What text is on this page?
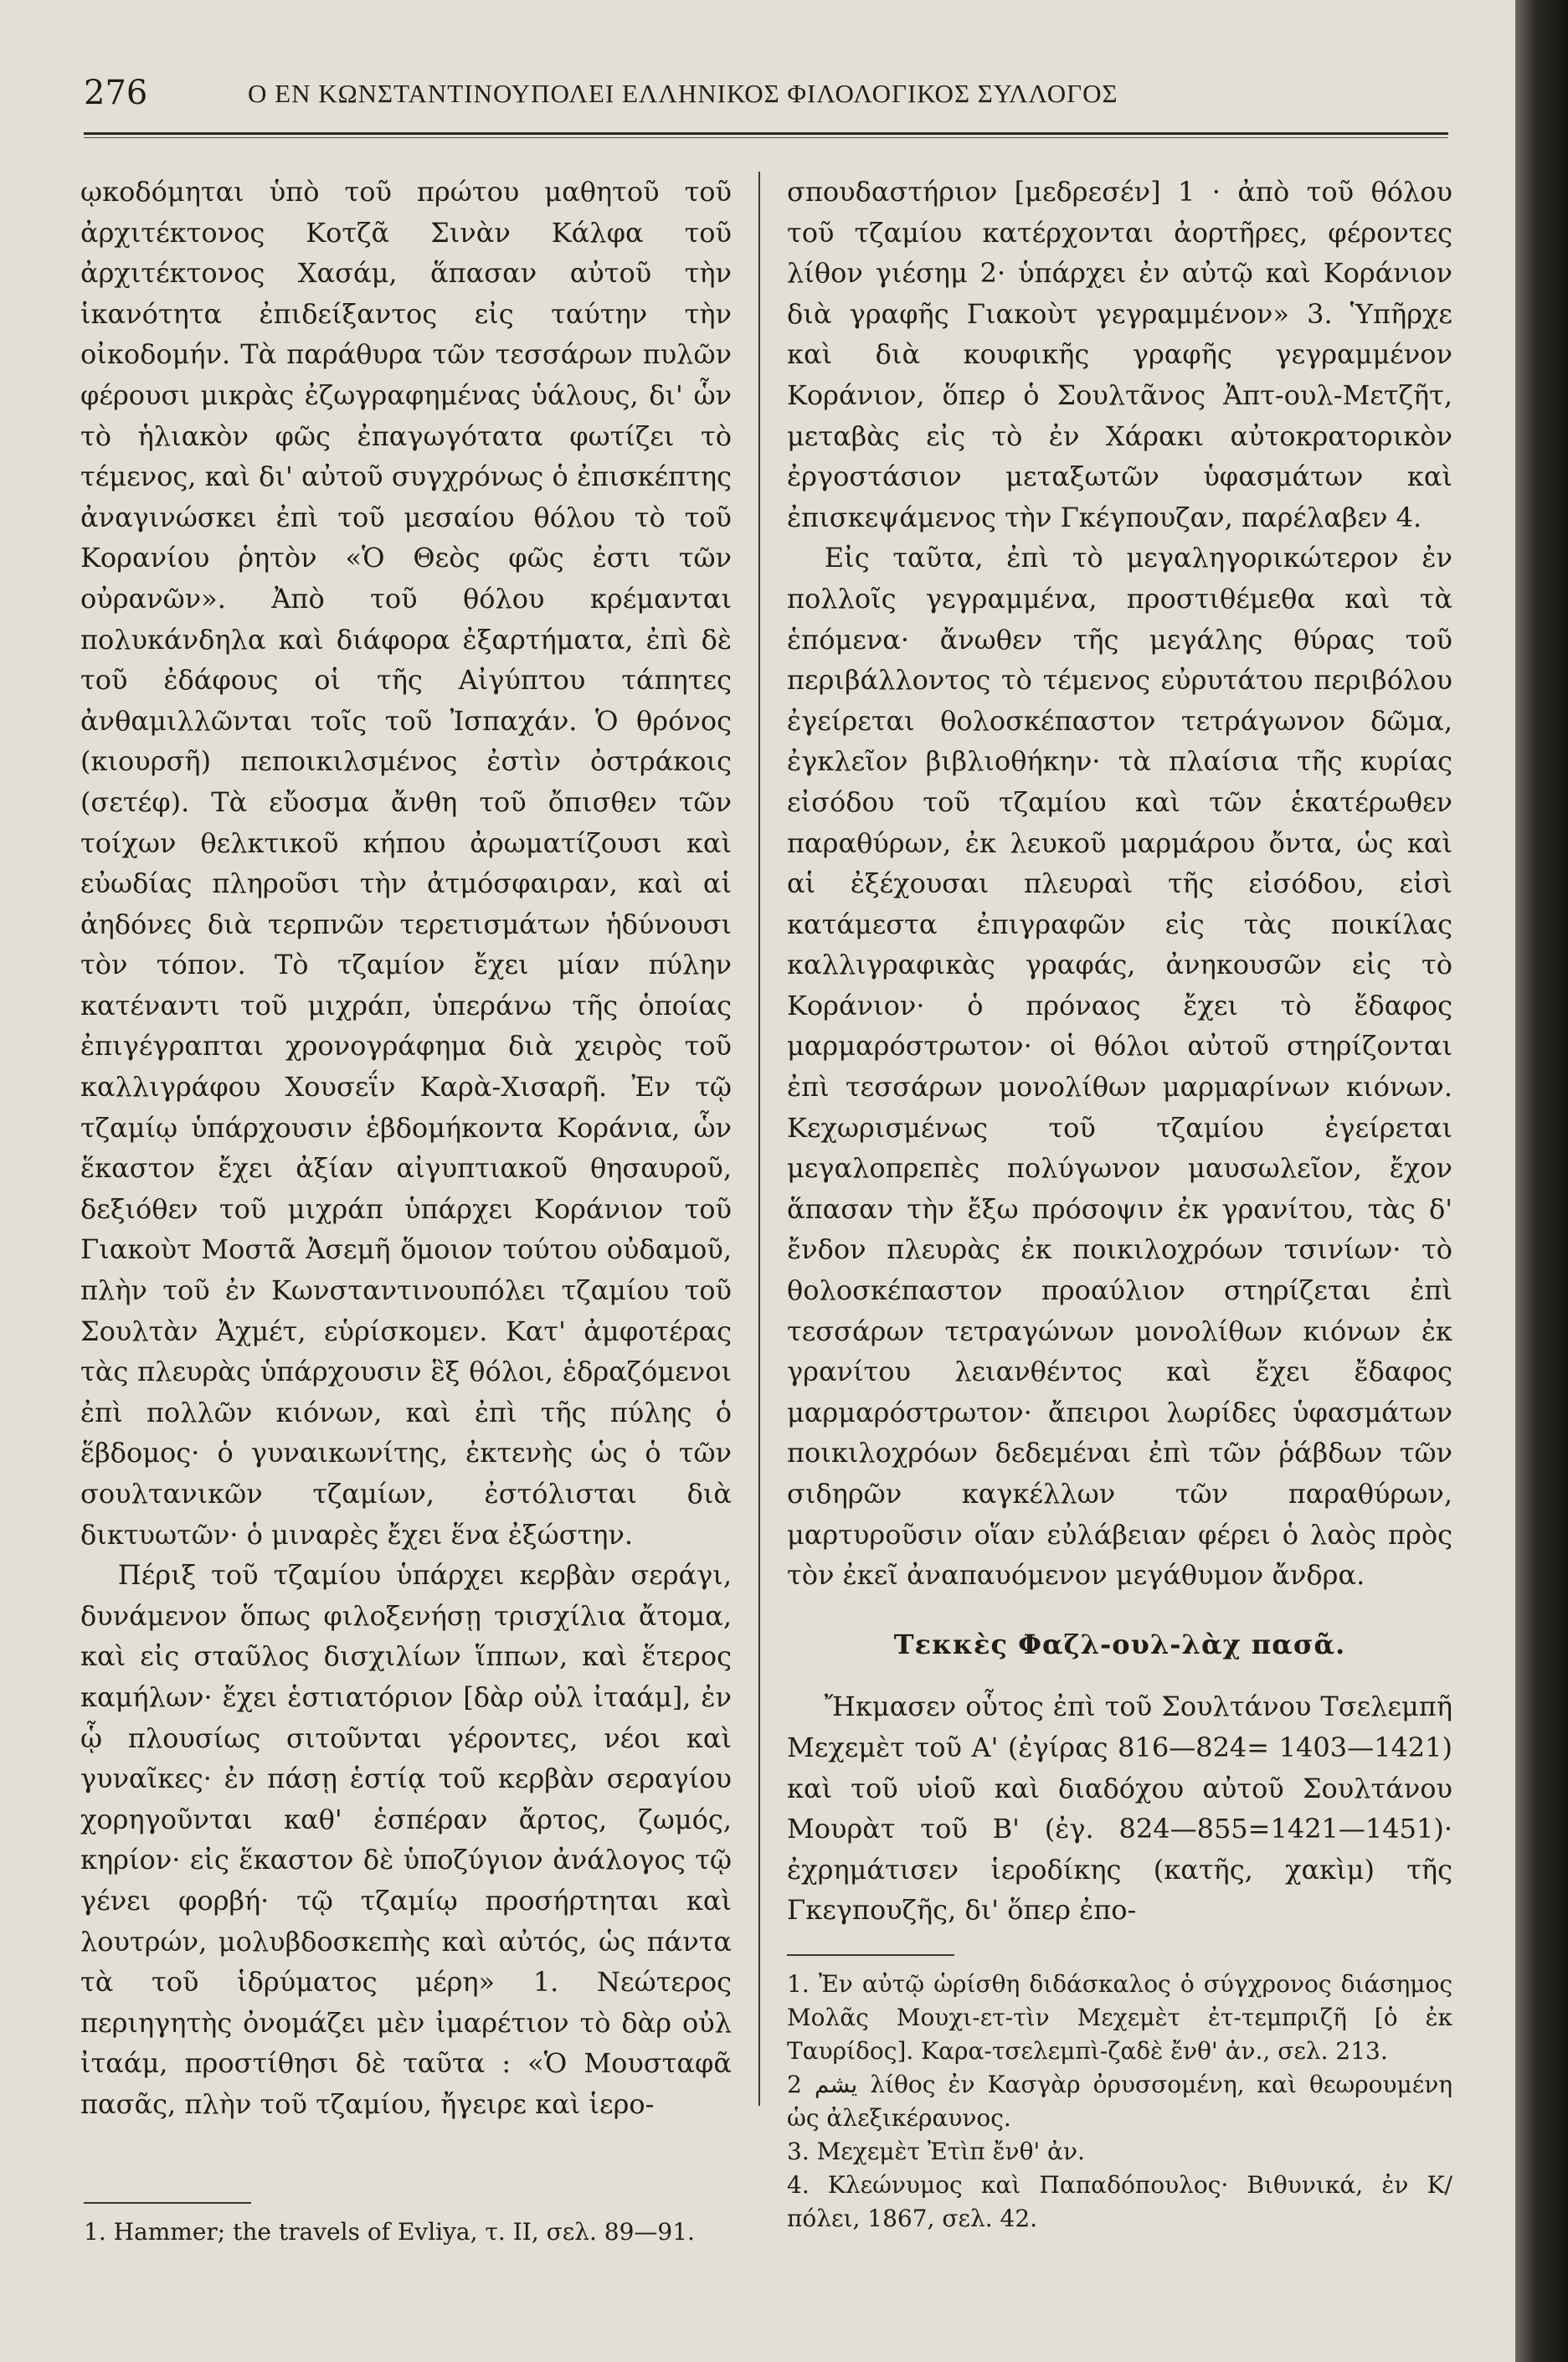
276	Ο ΕΝ ΚΩΝΣΤΑΝΤΙΝΟΥΠΟΛΕΙ ΕΛΛΗΝΙΚΟΣ ΦΙΛΟΛΟΓΙΚΟΣ ΣΥΛΛΟΓΟΣ

ῳκοδόμηται ὑπὸ τοῦ πρώτου μαθητοῦ τοῦ ἀρχιτέκτονος Κοτζᾶ Σινὰν Κάλφα τοῦ ἀρχιτέκτονος Χασάμ, ἅπασαν αὐτοῦ τὴν ἱκανότητα ἐπιδείξαντος εἰς ταύτην τὴν οἰκοδομήν. Τὰ παράθυρα τῶν τεσσάρων πυλῶν φέρουσι μικρὰς ἐζωγραφημένας ὑάλους, δι' ὧν τὸ ἡλιακὸν φῶς ἐπαγωγότατα φωτίζει τὸ τέμενος, καὶ δι' αὐτοῦ συγχρόνως ὁ ἐπισκέπτης ἀναγινώσκει ἐπὶ τοῦ μεσαίου θόλου τὸ τοῦ Κορανίου ῥητὸν «Ὁ Θεὸς φῶς ἐστι τῶν οὐρανῶν». Ἀπὸ τοῦ θόλου κρέμανται πολυκάνδηλα καὶ διάφορα ἐξαρτήματα, ἐπὶ δὲ τοῦ ἐδάφους οἱ τῆς Αἰγύπτου τάπητες ἀνθαμιλλῶνται τοῖς τοῦ Ἰσπαχάν. Ὁ θρόνος (κιουρσῆ) πεποικιλσμένος ἐστὶν ὀστράκοις (σετέφ). Τὰ εὔοσμα ἄνθη τοῦ ὄπισθεν τῶν τοίχων θελκτικοῦ κήπου ἀρωματίζουσι καὶ εὐωδίας πληροῦσι τὴν ἀτμόσφαιραν, καὶ αἱ ἀηδόνες διὰ τερπνῶν τερετισμάτων ἡδύνουσι τὸν τόπον. Τὸ τζαμίον ἔχει μίαν πύλην κατέναντι τοῦ μιχράπ, ὑπεράνω τῆς ὁποίας ἐπιγέγραπται χρονογράφημα διὰ χειρὸς τοῦ καλλιγράφου Χουσεΐν Καρὰ-Χισαρῆ. Ἐν τῷ τζαμίῳ ὑπάρχουσιν ἑβδομήκοντα Κοράνια, ὧν ἕκαστον ἔχει ἀξίαν αἰγυπτιακοῦ θησαυροῦ, δεξιόθεν τοῦ μιχράπ ὑπάρχει Κοράνιον τοῦ Γιακοὺτ Μοστᾶ Ἀσεμῆ ὅμοιον τούτου οὐδαμοῦ, πλὴν τοῦ ἐν Κωνσταντινουπόλει τζαμίου τοῦ Σουλτὰν Ἀχμέτ, εὑρίσκομεν. Κατ' ἀμφοτέρας τὰς πλευρὰς ὑπάρχουσιν ἓξ θόλοι, ἑδραζόμενοι ἐπὶ πολλῶν κιόνων, καὶ ἐπὶ τῆς πύλης ὁ ἕβδομος· ὁ γυναικωνίτης, ἐκτενὴς ὡς ὁ τῶν σουλτανικῶν τζαμίων, ἐστόλισται διὰ δικτυωτῶν· ὁ μιναρὲς ἔχει ἕνα ἐξώστην.

Πέριξ τοῦ τζαμίου ὑπάρχει κερβὰν σεράγι, δυνάμενον ὅπως φιλοξενήσῃ τρισχίλια ἄτομα, καὶ εἰς σταῦλος δισχιλίων ἵππων, καὶ ἕτερος καμήλων· ἔχει ἑστιατόριον [δὰρ οὐλ ἰταάμ], ἐν ᾧ πλουσίως σιτοῦνται γέροντες, νέοι καὶ γυναῖκες· ἐν πάσῃ ἑστίᾳ τοῦ κερβὰν σεραγίου χορηγοῦνται καθ' ἑσπέραν ἄρτος, ζωμός, κηρίον· εἰς ἕκαστον δὲ ὑποζύγιον ἀνάλογος τῷ γένει φορβή· τῷ τζαμίῳ προσήρτηται καὶ λουτρών, μολυβδοσκεπὴς καὶ αὐτός, ὡς πάντα τὰ τοῦ ἱδρύματος μέρη» 1. Νεώτερος περιηγητὴς ὀνομάζει μὲν ἰμαρέτιον τὸ δὰρ οὐλ ἰταάμ, προστίθησι δὲ ταῦτα : «Ὁ Μουσταφᾶ πασᾶς, πλὴν τοῦ τζαμίου, ἤγειρε καὶ ἱερο-

σπουδαστήριον [μεδρεσέν] 1 · ἀπὸ τοῦ θόλου τοῦ τζαμίου κατέρχονται ἀορτῆρες, φέροντες λίθον γιέσημ 2· ὑπάρχει ἐν αὐτῷ καὶ Κοράνιον διὰ γραφῆς Γιακοὺτ γεγραμμένον» 3. Ὑπῆρχε καὶ διὰ κουφικῆς γραφῆς γεγραμμένον Κοράνιον, ὅπερ ὁ Σουλτᾶνος Ἀπτ-ουλ-Μετζῆτ, μεταβὰς εἰς τὸ ἐν Χάρακι αὐτοκρατορικὸν ἐργοστάσιον μεταξωτῶν ὑφασμάτων καὶ ἐπισκεψάμενος τὴν Γκέγπουζαν, παρέλαβεν 4.

Εἰς ταῦτα, ἐπὶ τὸ μεγαληγορικώτερον ἐν πολλοῖς γεγραμμένα, προστιθέμεθα καὶ τὰ ἑπόμενα· ἄνωθεν τῆς μεγάλης θύρας τοῦ περιβάλλοντος τὸ τέμενος εὐρυτάτου περιβόλου ἐγείρεται θολοσκέπαστον τετράγωνον δῶμα, ἐγκλεῖον βιβλιοθήκην· τὰ πλαίσια τῆς κυρίας εἰσόδου τοῦ τζαμίου καὶ τῶν ἑκατέρωθεν παραθύρων, ἐκ λευκοῦ μαρμάρου ὄντα, ὡς καὶ αἱ ἐξέχουσαι πλευραὶ τῆς εἰσόδου, εἰσὶ κατάμεστα ἐπιγραφῶν εἰς τὰς ποικίλας καλλιγραφικὰς γραφάς, ἀνηκουσῶν εἰς τὸ Κοράνιον· ὁ πρόναος ἔχει τὸ ἔδαφος μαρμαρόστρωτον· οἱ θόλοι αὐτοῦ στηρίζονται ἐπὶ τεσσάρων μονολίθων μαρμαρίνων κιόνων. Κεχωρισμένως τοῦ τζαμίου ἐγείρεται μεγαλοπρεπὲς πολύγωνον μαυσωλεῖον, ἔχον ἅπασαν τὴν ἔξω πρόσοψιν ἐκ γρανίτου, τὰς δ' ἔνδον πλευρὰς ἐκ ποικιλοχρόων τσινίων· τὸ θολοσκέπαστον προαύλιον στηρίζεται ἐπὶ τεσσάρων τετραγώνων μονολίθων κιόνων ἐκ γρανίτου λειανθέντος καὶ ἔχει ἔδαφος μαρμαρόστρωτον· ἄπειροι λωρίδες ὑφασμάτων ποικιλοχρόων δεδεμέναι ἐπὶ τῶν ῥάβδων τῶν σιδηρῶν καγκέλλων τῶν παραθύρων, μαρτυροῦσιν οἵαν εὐλάβειαν φέρει ὁ λαὸς πρὸς τὸν ἐκεῖ ἀναπαυόμενον μεγάθυμον ἄνδρα.

Τεκκὲς Φαζλ-ουλ-λὰχ πασᾶ.

Ἤκμασεν οὗτος ἐπὶ τοῦ Σουλτάνου Τσελεμπῆ Μεχεμὲτ τοῦ Α' (ἐγίρας 816—824= 1403—1421) καὶ τοῦ υἱοῦ καὶ διαδόχου αὐτοῦ Σουλτάνου Μουρὰτ τοῦ Β' (ἐγ. 824—855=1421—1451)· ἐχρημάτισεν ἱεροδίκης (κατῆς, χακὶμ) τῆς Γκεγπουζῆς, δι' ὅπερ ἐπο-

1. Hammer; the travels of Evliya, τ. II, σελ. 89—91.

1. Ἐν αὐτῷ ὡρίσθη διδάσκαλος ὁ σύγχρονος διάσημος Μολᾶς Μουχι-ετ-τὶν Μεχεμὲτ ἐτ-τεμπριζῆ [ὁ ἐκ Ταυρίδος]. Καρα-τσελεμπὶ-ζαδὲ ἔνθ' ἀν., σελ. 213.

2 يشم λίθος ἐν Κασγὰρ ὀρυσσομένη, καὶ θεωρουμένη ὡς ἀλεξικέραυνος.

3. Μεχεμὲτ Ἐτὶπ ἔνθ' ἀν.

4. Κλεώνυμος καὶ Παπαδόπουλος· Βιθυνικά, ἐν Κ/πόλει, 1867, σελ. 42.
